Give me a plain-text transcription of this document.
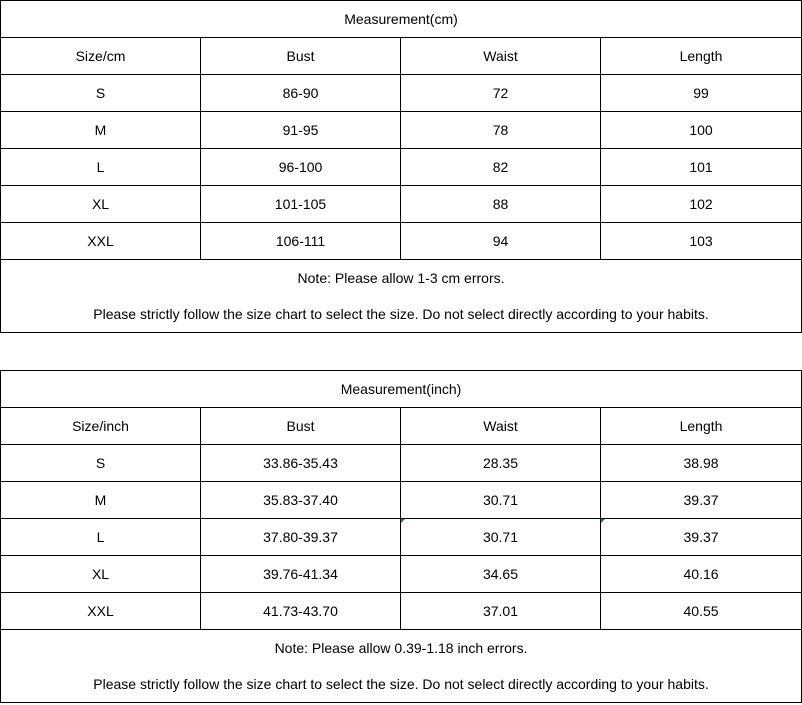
Measurement(cm)			
Size/cm	Bust	Waist	Length
S	86-90	72	99
M	91-95	78	100
L	96-100	82	101
XL	101-105	88	102
XXL	106-111	94	103
Note: Please allow 1-3 cm errors.			
Please strictly follow the size chart to select the size. Do not select directly according to your habits.			
Measurement(inch)			
Size/inch	Bust	Waist	Length
S	33.86-35.43	28.35	38.98
M	35.83-37.40	30.71	39.37
L	37.80-39.37	30.71	39.37
XL	39.76-41.34	34.65	40.16
XXL	41.73-43.70	37.01	40.55
Note: Please allow 0.39-1.18 inch errors.			
Please strictly follow the size chart to select the size. Do not select directly according to your habits.			
